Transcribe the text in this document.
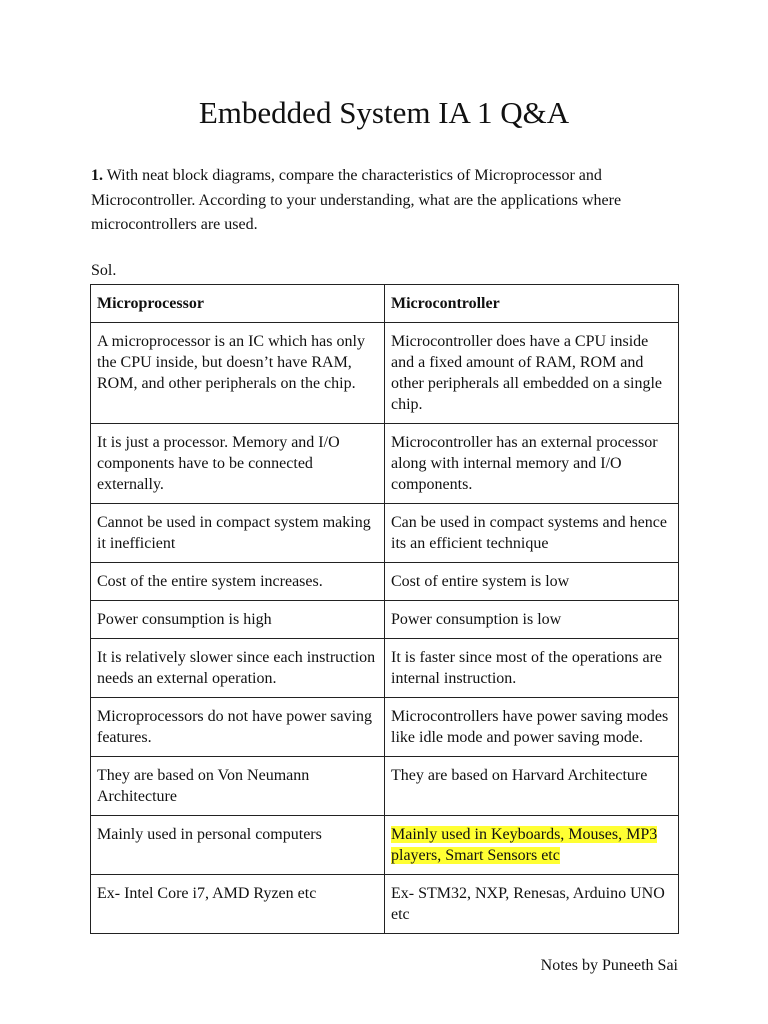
Embedded System IA 1 Q&A

1. With neat block diagrams, compare the characteristics of Microprocessor and Microcontroller. According to your understanding, what are the applications where microcontrollers are used.

Sol.
Microprocessor	Microcontroller
A microprocessor is an IC which has only the CPU inside, but doesn’t have RAM, ROM, and other peripherals on the chip.	Microcontroller does have a CPU inside and a fixed amount of RAM, ROM and other peripherals all embedded on a single chip.
It is just a processor. Memory and I/O components have to be connected externally.	Microcontroller has an external processor along with internal memory and I/O components.
Cannot be used in compact system making it inefficient	Can be used in compact systems and hence its an efficient technique
Cost of the entire system increases.	Cost of entire system is low
Power consumption is high	Power consumption is low
It is relatively slower since each instruction needs an external operation.	It is faster since most of the operations are internal instruction.
Microprocessors do not have power saving features.	Microcontrollers have power saving modes like idle mode and power saving mode.
They are based on Von Neumann Architecture	They are based on Harvard Architecture
Mainly used in personal computers	Mainly used in Keyboards, Mouses, MP3 players, Smart Sensors etc
Ex- Intel Core i7, AMD Ryzen etc	Ex- STM32, NXP, Renesas, Arduino UNO etc
Notes by Puneeth Sai
